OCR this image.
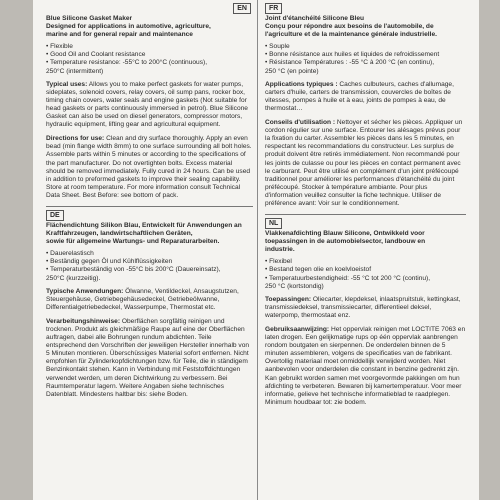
EN
Blue Silicone Gasket Maker
Designed for applications in automotive, agriculture,
marine and for general repair and maintenance
• Flexible
• Good Oil and Coolant resistance
• Temperature resistance: -55°C to 200°C (continuous),
250°C (intermittent)
Typical uses: Allows you to make perfect gaskets for water pumps, sideplates, solenoid covers, relay covers, oil sump pans, rocker box, timing chain covers, water seals and engine gaskets (Not suitable for head gaskets or parts continuously immersed in petrol). Blue Silicone Gasket can also be used on diesel generators, compressor motors, hydraulic equipment, lifting gear and agricultural equipment.
Directions for use: Clean and dry surface thoroughly. Apply an even bead (min flange width 8mm) to one surface surrounding all bolt holes. Assemble parts within 5 minutes or according to the specifications of the part manufacturer. Do not overtighten bolts. Excess material should be removed immediately. Fully cured in 24 hours. Can be used in addition to preformed gaskets to improve their sealing capability. Store at room temperature. For more information consult Technical Data Sheet. Best Before: see bottom of pack.
DE
Flächendichtung Silikon Blau, Entwickelt für Anwendungen an
Kraftfahrzeugen, landwirtschaftlichen Geräten,
sowie für allgemeine Wartungs- und Reparaturarbeiten.
• Dauerelastisch
• Beständig gegen Öl und Kühlflüssigkeiten
• Temperaturbeständig von -55°C bis 200°C (Dauereinsatz),
250°C (kurzzeitig).
Typische Anwendungen: Ölwanne, Ventildeckel, Ansaugstutzen, Steuergehäuse, Getriebegehäusedeckel, Getriebeölwanne, Differentialgetriebedeckel, Wasserpumpe, Thermostat etc.
Verarbeitungshinweise: Oberflächen sorgfältig reinigen und trocknen. Produkt als gleichmäßige Raupe auf eine der Oberflächen auftragen, dabei alle Bohrungen rundum abdichten. Teile entsprechend den Vorschriften der jeweiligen Hersteller innerhalb von 5 Minuten montieren. Überschüssiges Material sofort entfernen. Nicht empfohlen für Zylinderkopfdichtungen bzw. für Teile, die in ständigem Benzinkontakt stehen. Kann in Verbindung mit Feststoffdichtungen verwendet werden, um deren Dichtwirkung zu verbessern. Bei Raumtemperatur lagern. Weitere Angaben siehe technisches Datenblatt. Mindestens haltbar bis: siehe Boden.
FR
Joint d'étanchéité Silicone Bleu
Conçu pour répondre aux besoins de l'automobile, de
l'agriculture et de la maintenance générale industrielle.
• Souple
• Bonne résistance aux huiles et liquides de refroidissement
• Résistance Températures : -55 °C à 200 °C (en continu),
250 °C (en pointe)
Applications typiques : Caches culbuteurs, caches d'allumage, carters d'huile, carters de transmission, couvercles de boîtes de vitesses, pompes à huile et à eau, joints de pompes à eau, de thermostat…
Conseils d'utilisation : Nettoyer et sécher les pièces. Appliquer un cordon régulier sur une surface. Entourer les alésages prévus pour la fixation du carter. Assembler les pièces dans les 5 minutes, en respectant les recommandations du constructeur. Les surplus de produit doivent être retirés immédiatement. Non recommandé pour les joints de culasse ou pour les pièces en contact permanent avec le carburant. Peut être utilisé en complément d'un joint préfécoupé traditionnel pour améliorer les performances d'étanchéité du joint préfécoupé. Stocker à température ambiante. Pour plus d'information veuillez consulter la fiche technique. Utiliser de préférence avant: Voir sur le conditionnement.
NL
Vlakkenafdichting Blauw Silicone, Ontwikkeld voor
toepassingen in de automobielsector, landbouw en
industrie.
• Flexibel
• Bestand tegen olie en koelvloeistof
• Temperatuurbestendigheid: -55 °C tot 200 °C (continu),
250 °C (kortstondig)
Toepassingen: Oliecarter, klepdeksel, inlaatspruitstuk, kettingkast, transmissiedeksel, transmissiecarter, differentieel deksel, waterpomp, thermostaat enz.
Gebruiksaanwijzing: Het oppervlak reinigen met LOCTITE 7063 en laten drogen. Een gelijkmatige rups op één oppervlak aanbrengen rondom boutgaten en sierpennen. De onderdelen binnen de 5 minuten assembleren, volgens de specificaties van de fabrikant. Overtollig materiaal moet onmiddellijk verwijderd worden. Niet aanbevolen voor onderdelen die constant in benzine gedrenkt zijn. Kan gebruikt worden samen met voorgevormde pakkingen om hun afdichting te verbeteren. Bewaren bij kamertemperatuur. Voor meer informatie, gelieve het technische informatieblad te raadplegen. Minimum houdbaar tot: zie bodem.
